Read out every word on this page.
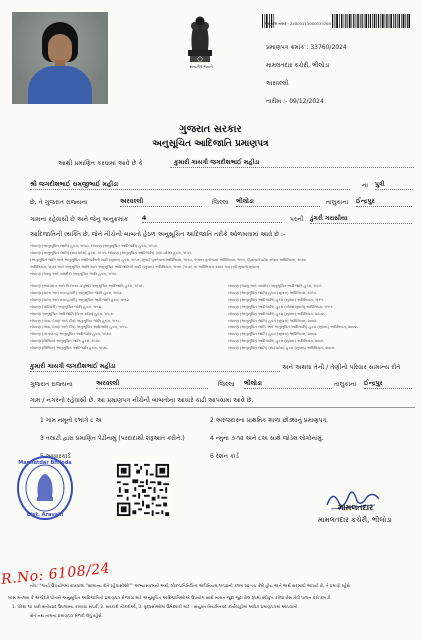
સત્યમેવ જયતે
અનુક્રમ નંબર : 24000115000033760
પ્રમાણપત્ર ક્રમાંક : 33760/2024
મામલતદાર કચેરી, ભીલોડા
અરવલ્લી
તારીખ :- 09/12/2024
ગુજરાત સરકાર
અનુસૂચિત આદિજાતિ પ્રમાણપત્ર
આથી પ્રમાણિત કરવામાં આવે છે કે	કુમારી ગાયત્રી જગદીશભાઈ મહીડા
શ્રી જગદીશભાઈ રામજીભાઈ મહીડા	ના પુત્રી
છે, તે ગુજરાત રાજ્યના	અરવલ્લી	જિલ્લા ભીલોડા	તાલુકાના ઈન્દ્રપુર
ગામના રહેવાસી છે અને જેનુ અનુક્રમાંક 4	પરની ડુંગરી ગરાસીયા
આદિજાતિની વ્યક્તિ છે, જેને નીચેની બાબતો હેઠળ અનુસૂચિત આદિજાતિ તરીકે ઓળખવામાં આવે છે :-
બંધારણ (અનુસૂચિત જાતિ) હુકમ, ૧૯૫૦. બંધારણ (અનુસૂચિત આદિજાતિ) હુકમ, ૧૯૫૦.
બંધારણ (અનુસૂચિત જાતિ) (સંઘ પ્રદેશ) હુકમ, ૧૯૫૧. બંધારણ (અનુસૂચિત આદિજાતિ) (સંઘ પ્રદેશ) હુકમ, ૧૯૫૧.
(અનુસૂચિત જાતિ અને અનુસૂચિત આદિજાતિની યાદી (સુધારા) હુકમ, ૧૯૫૬, મુંબઈ પુનર્રચના અધિનિયમ, ૧૯૬૦, પંજાબ પુનર્રચના અધિનિયમ, ૧૯૬૬, હિમાચલ પ્રદેશ રાજ્ય અધિનિયમ, ૧૯૭૦
અધિનિયમ, ૧૯૭૧ અને અનુસૂચિત જાતિ અને અનુસૂચિત આદિજાતિની યાદી (સુધારા) અધિનિયમ, ૧૯૭૬ (૧૯૭૬ નો અધિનિયમ ક્રમાંક ૧૦૮) થી સુધાર્યા મુજબ)
બંધારણ (જમ્મુ અને કાશ્મીર) અનુસૂચિત જાતિ હુકમ, ૧૯૫૬.
બંધારણ (આંદામાન અને નિકોબાર ટાપુઓ) અનુસૂચિત આદિજાતિ હુકમ, ૧૯૫૯.
બંધારણ (દાદરા અને નગરહવેલી) અનુસૂચિત જાતિ હુકમ, ૧૯૬૨.
બંધારણ (દાદરા અને નગરહવેલી) અનુસૂચિત આદિજાતિ હુકમ, ૧૯૬૨.
બંધારણ (પોંડિચેરી) અનુસૂચિત જાતિ હુકમ, ૧૯૬૪.
બંધારણ અનુસૂચિત આદિજાતિ (ઉત્તર પ્રદેશ) હુકમ, ૧૯૬૭.
બંધારણ (ગોવા, દમણ અને દીવ) અનુસૂચિત જાતિ હુકમ, ૧૯૬૮.
બંધારણ (ગોવા, દમણ અને દીવ) અનુસૂચિત આદિજાતિ હુકમ, ૧૯૬૮.
બંધારણ (નાગાલેન્ડ) અનુસૂચિત આદિજાતિ હુકમ, ૧૯૭૦.
બંધારણ (સિક્કિમ) અનુસૂચિત જાતિ હુકમ, ૧૯૭૮.
બંધારણ (સિક્કિમ) અનુસૂચિત આદિજાતિ હુકમ, ૧૯૭૮.
બંધારણ (જમ્મુ અને કાશ્મીર) અનુસૂચિત આદિજાતિ હુકમ, ૧૯૮૯.
બંધારણ (અનુસૂચિત જાતિ) હુકમ (સુધારા) અધિનિયમ, ૧૯૯૦.
બંધારણ (અનુસૂચિત આદિજાતિ) હુકમ (સુધારા) અધિનિયમ, ૧૯૯૧.
બંધારણ (અનુસૂચિત આદિજાતિ) હુકમ (બીજો સુધારો) અધિનિયમ, ૧૯૯૧.
બંધારણ (અનુસૂચિત આદિજાતિ) હુકમ (સુધારા) અધિનિયમ, ૨૦૦૨.
બંધારણ (અનુસૂચિત જાતિ) હુકમ (સુધારા) અધિનિયમ, ૨૦૦૨.
બંધારણ (અનુસૂચિત જાતિ અને અનુસૂચિત આદિજાતિ) હુકમ (સુધારા) અધિનિયમ, ૨૦૦૨.
બંધારણ (અનુસૂચિત જાતિ) હુકમ (સુધારા) અધિનિયમ, ૨૦૦૨.
બંધારણ (અનુસૂચિત આદિજાતિ) હુકમ (સુધારા) અધિનિયમ, ૨૦૦૬.
બંધારણ (અનુસૂચિત જાતિ) (સંઘ પ્રદેશ) હુકમ (સુધારા) અધિનિયમ, ૨૦૦૭.
કુમારી ગાયત્રી જગદીશભાઈ મહીડા	અને અથવા તેની / તેણીનો પરિવાર સામાન્ય રીતે
ગુજરાત રાજ્યના	અરવલ્લી	જિલ્લા ભીલોડા	તાલુકાના ઈન્દ્રપુર
ગામ / નગરનો રહેવાસી છે. આ પ્રમાણપત્ર નીચેની બાબતોના આધારે કાઢી આપવામાં આવે છે.
1 ગામ નમૂનો ૬ભાંગે ૮ અ
3 તલાટી દ્વારા પ્રમાણિત પેઢીનામું (પરદાદાથી શરૂઆત કરીને.)
5 આધારકાર્ડ
2 અરજદારના પ્રાથમિક શાળા છોડ્યાનું પ્રમાણપત્ર.
4 ન્મુના ૭-૧૨ અને ૮અ સાથે જોડેલ લોગોનાંમું.
6 રેશન કાર્ડ
Mamlatdar Bhiloda
Dist. Aravalli
મામલતદાર
મામલતદાર કચેરી, ભીલોડા
R.No: 6108/24
નોંધ: "ગાયી ઉપયોગમાં રાખવાલા "સામાન્ય રીતે રહેવાસીઓ"" અભ્યાસક્રમનો અર્થ, લોક-પ્રતિનિધિત્વ અધિનિયમ,૧૯૫૦ની કલમ ૨૦-ચ્ચ કેરો હોય અને અર્થ સરખાવો આપ્યો છે, તે પ્રમાણે રહેશે.
ખાસ મતલબ કે અર્જદારે પોતાને અનુસૂચિત આદિજાતિનો પ્રમાણપત્ર મેળવવા માટે અનુસૂચિત આદિજાતિઓએ ઉપયોગ સાથે બાબત જુદા જુદા રોલ રૂપમાં સ્વીકૃત કરેલા છેસ તેવો પાલન કરો ક્રમ કે.
1. પેરેગ્રા ૧૦ પછી સંતોષપ્રદ ઉપલાબ્ય કરાવવા સંપર્ક, 2. સરકારી નોકરીઓ, 3. વૃદ્ધસીઓમાં ઉમેદવારી માટે - સંયુક્ત નિયમિતપદ કાર્યવાહીમાં અધિક પ્રમાણપત્રમાં આપવાનો
સેતે નથ નામના પ્રમાણપત્ર મેળવી લેવું રહેશે.
